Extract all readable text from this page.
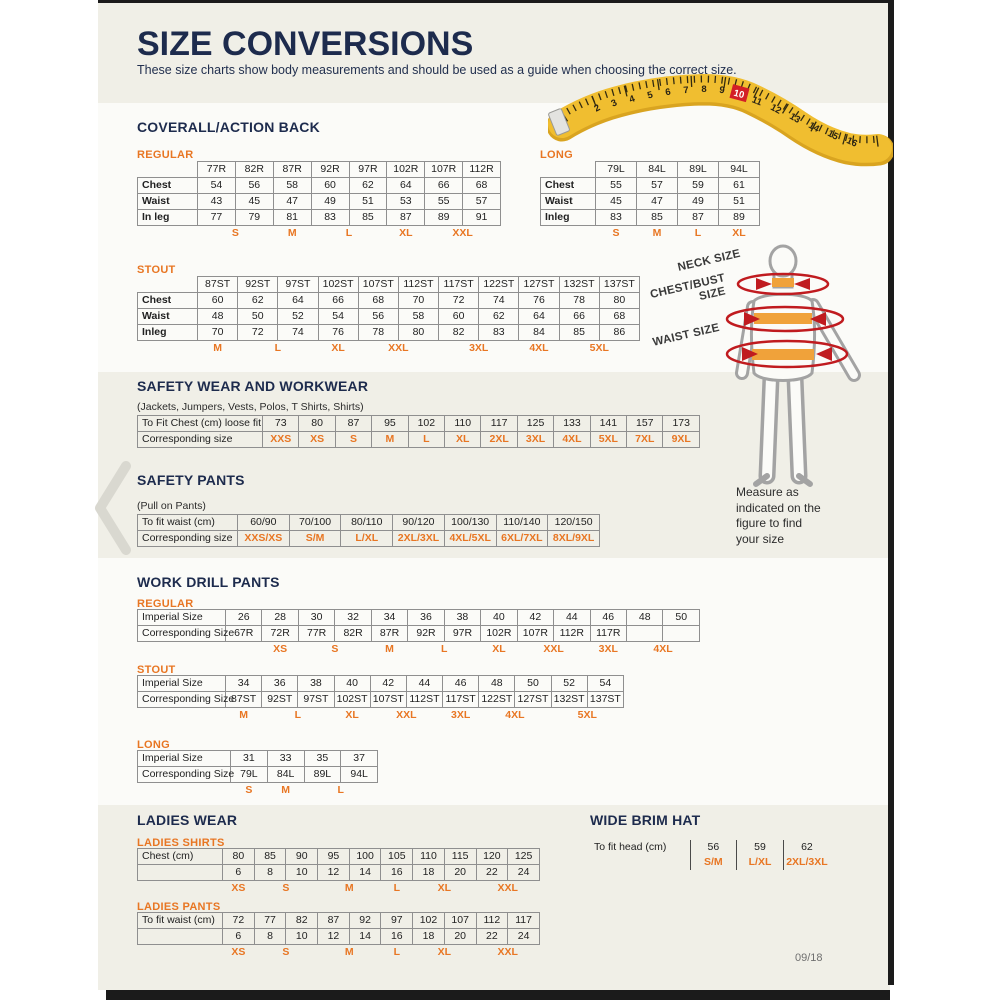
SIZE CONVERSIONS
These size charts show body measurements and should be used as a guide when choosing the correct size.
2 3 4 5 6 7 8 9 10 11
12
13
14
15 16
COVERALL/ACTION BACK
REGULAR
	77R	82R	87R	92R	97R	102R	107R	112R
Chest	54	56	58	60	62	64	66	68
Waist	43	45	47	49	51	53	55	57
In leg	77	79	81	83	85	87	89	91
	S		M	L		XL	XXL	
LONG
	79L	84L	89L	94L
Chest	55	57	59	61
Waist	45	47	49	51
Inleg	83	85	87	89
	S	M	L	XL
STOUT
	87ST	92ST	97ST	102ST	107ST	112ST	117ST	122ST	127ST	132ST	137ST
Chest	60	62	64	66	68	70	72	74	76	78	80
Waist	48	50	52	54	56	58	60	62	64	66	68
Inleg	70	72	74	76	78	80	82	83	84	85	86
	M	L		XL	XXL		3XL		4XL	5XL	
SAFETY WEAR AND WORKWEAR
(Jackets, Jumpers, Vests, Polos, T Shirts, Shirts)
To Fit Chest (cm) loose fit	73	80	87	95	102	110	117	125	133	141	157	173
Corresponding size	XXS	XS	S	M	L	XL	2XL	3XL	4XL	5XL	7XL	9XL
SAFETY PANTS
(Pull on Pants)
To fit waist (cm)	60/90	70/100	80/110	90/120	100/130	110/140	120/150
Corresponding size	XXS/XS	S/M	L/XL	2XL/3XL	4XL/5XL	6XL/7XL	8XL/9XL
WORK DRILL PANTS
REGULAR
Imperial Size	26	28	30	32	34	36	38	40	42	44	46	48	50
Corresponding Size	67R	72R	77R	82R	87R	92R	97R	102R	107R	112R	117R		
		XS	S		M	L		XL	XXL		3XL	4XL	
STOUT
Imperial Size	34	36	38	40	42	44	46	48	50	52	54
Corresponding Size	87ST	92ST	97ST	102ST	107ST	112ST	117ST	122ST	127ST	132ST	137ST
	M	L		XL	XXL		3XL	4XL		5XL	
LONG
Imperial Size	31	33	35	37
Corresponding Size	79L	84L	89L	94L
	S	M	L	
LADIES WEAR
LADIES SHIRTS
Chest (cm)	80	85	90	95	100	105	110	115	120	125
	6	8	10	12	14	16	18	20	22	24
	XS	S		M		L	XL		XXL	
LADIES PANTS
To fit waist (cm)	72	77	82	87	92	97	102	107	112	117
	6	8	10	12	14	16	18	20	22	24
	XS	S		M		L	XL		XXL	
WIDE BRIM HAT
To fit head (cm)	56	59	62
	S/M	L/XL	2XL/3XL
NECK SIZE
CHEST/BUST SIZE
WAIST SIZE
Measure as indicated on the figure to find your size
09/18
